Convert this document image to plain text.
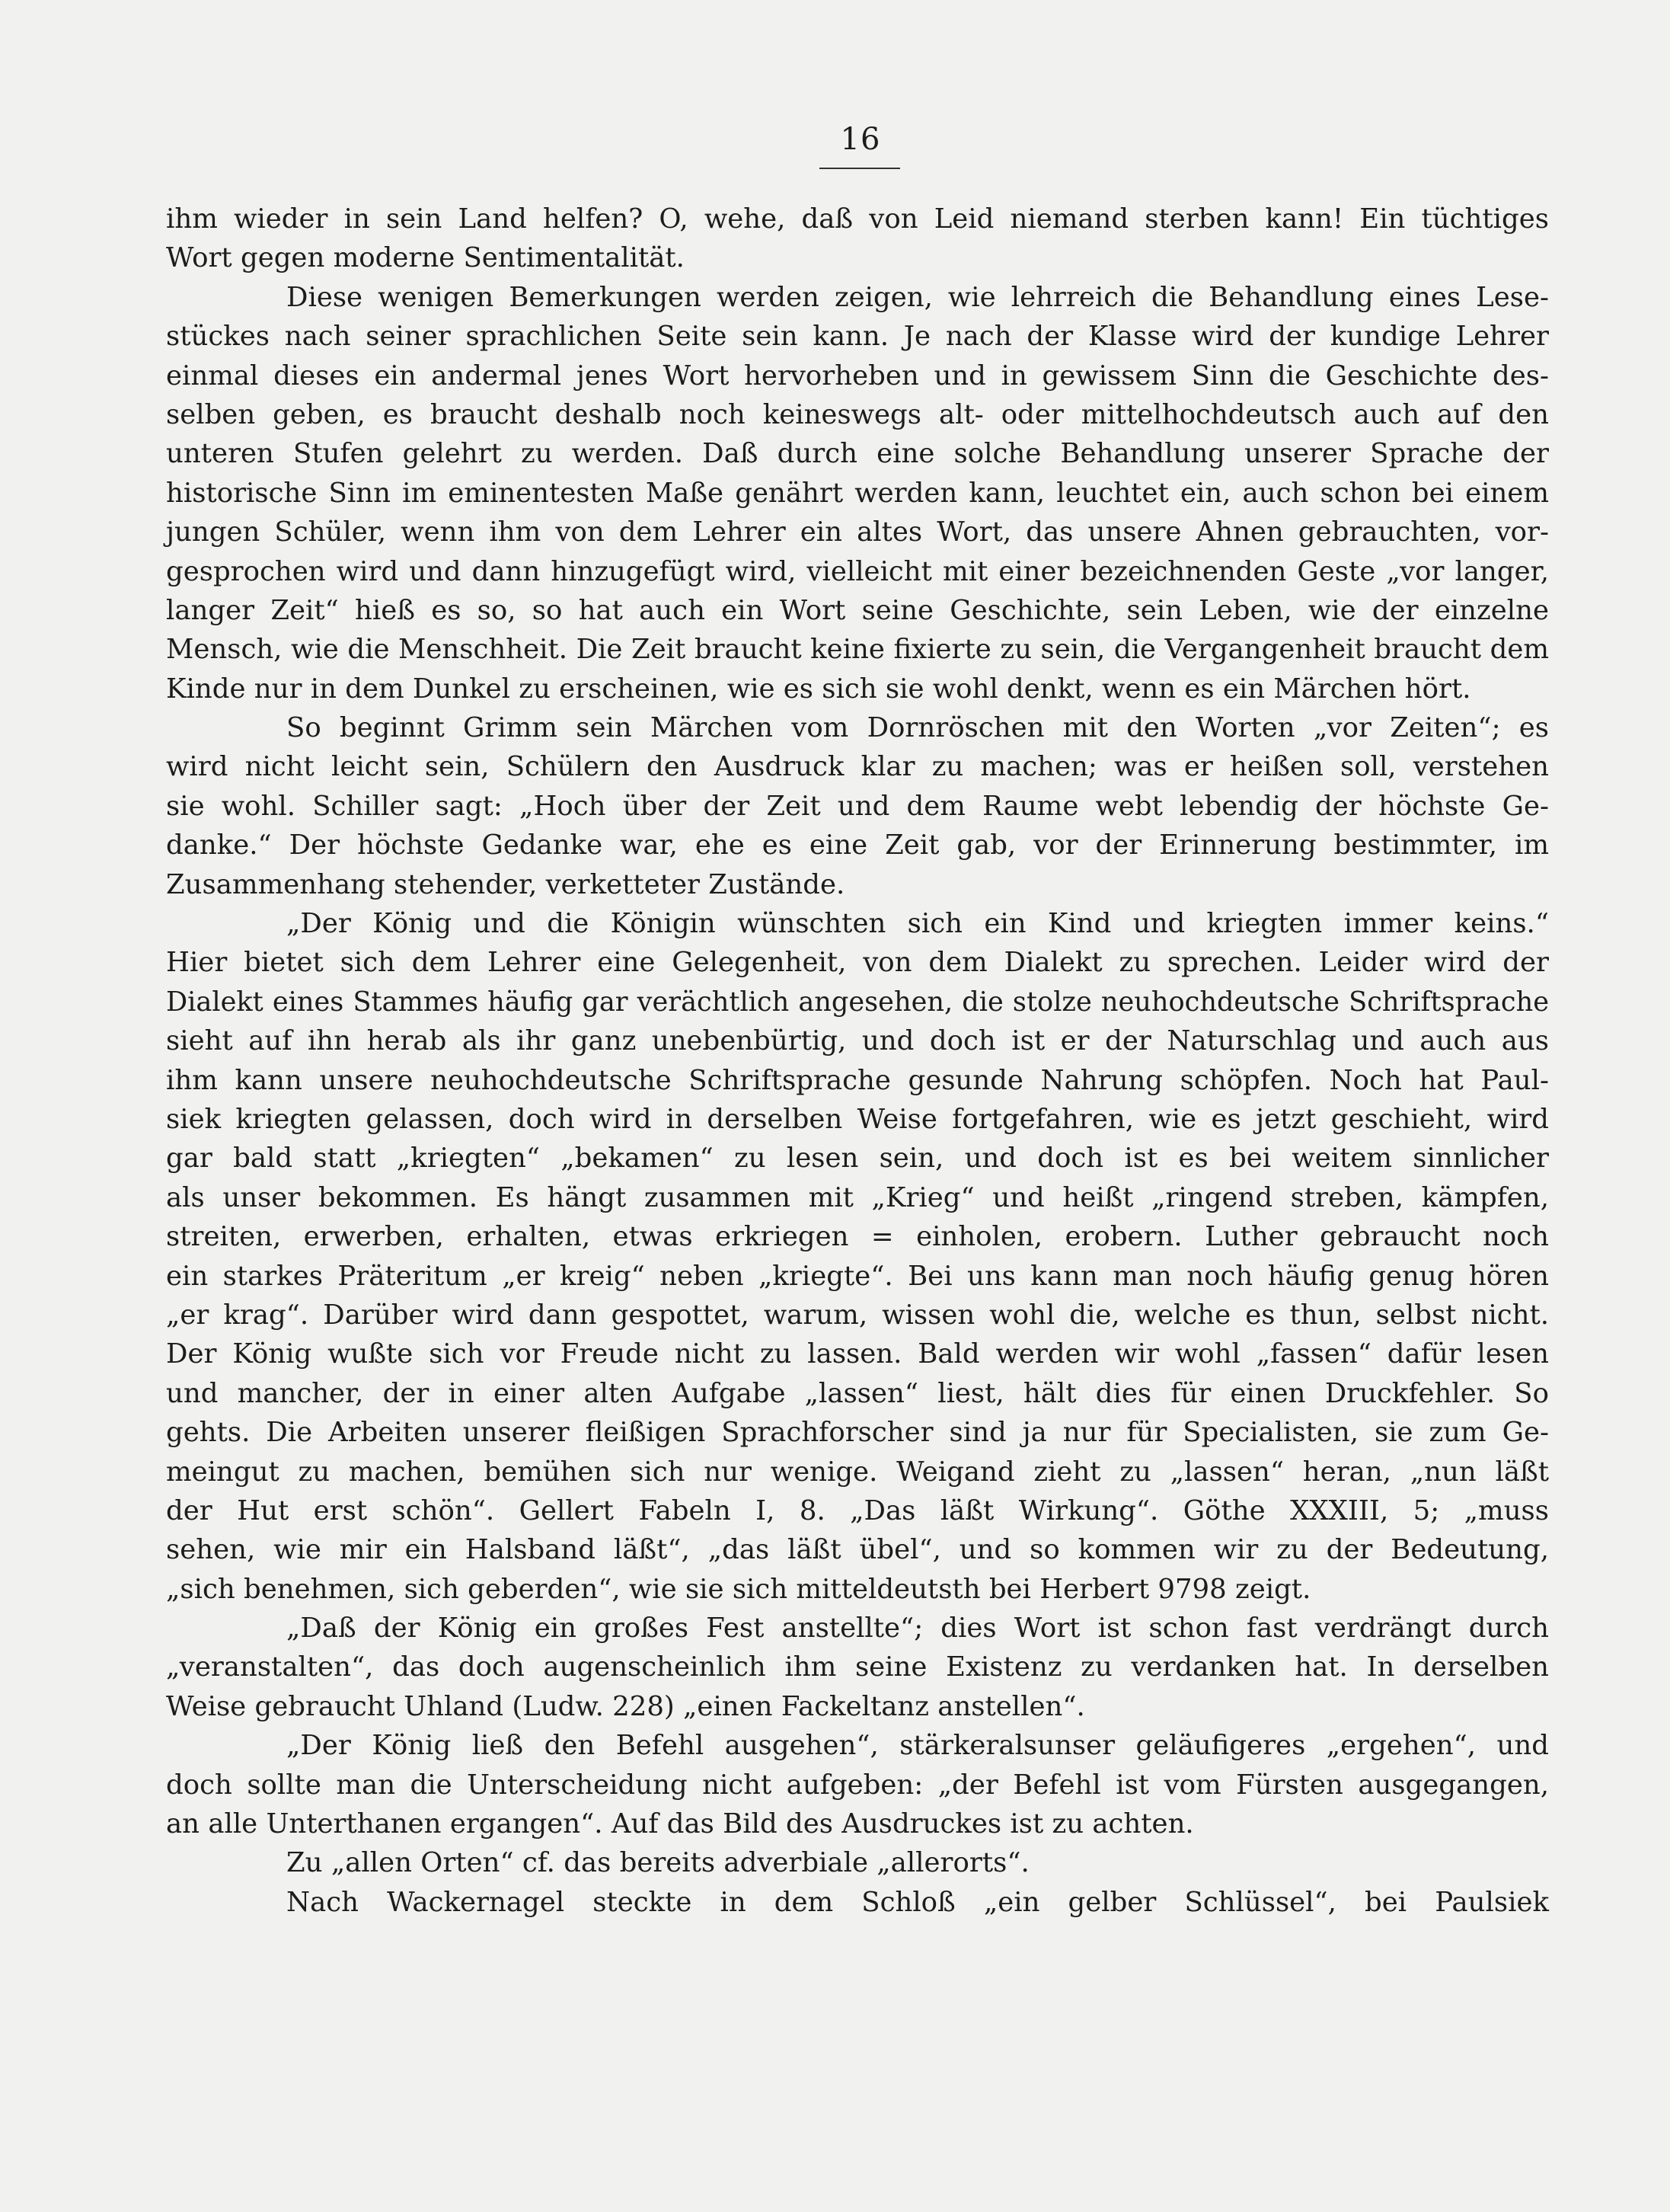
16
ihm wieder in sein Land helfen? O, wehe, daß von Leid niemand sterben kann! Ein tüchtiges
Wort gegen moderne Sentimentalität.
Diese wenigen Bemerkungen werden zeigen, wie lehrreich die Behandlung eines Lese-
stückes nach seiner sprachlichen Seite sein kann. Je nach der Klasse wird der kundige Lehrer
einmal dieses ein andermal jenes Wort hervorheben und in gewissem Sinn die Geschichte des-
selben geben, es braucht deshalb noch keineswegs alt- oder mittelhochdeutsch auch auf den
unteren Stufen gelehrt zu werden. Daß durch eine solche Behandlung unserer Sprache der
historische Sinn im eminentesten Maße genährt werden kann, leuchtet ein, auch schon bei einem
jungen Schüler, wenn ihm von dem Lehrer ein altes Wort, das unsere Ahnen gebrauchten, vor-
gesprochen wird und dann hinzugefügt wird, vielleicht mit einer bezeichnenden Geste „vor langer,
langer Zeit“ hieß es so, so hat auch ein Wort seine Geschichte, sein Leben, wie der einzelne
Mensch, wie die Menschheit. Die Zeit braucht keine fixierte zu sein, die Vergangenheit braucht dem
Kinde nur in dem Dunkel zu erscheinen, wie es sich sie wohl denkt, wenn es ein Märchen hört.
So beginnt Grimm sein Märchen vom Dornröschen mit den Worten „vor Zeiten“; es
wird nicht leicht sein, Schülern den Ausdruck klar zu machen; was er heißen soll, verstehen
sie wohl. Schiller sagt: „Hoch über der Zeit und dem Raume webt lebendig der höchste Ge-
danke.“ Der höchste Gedanke war, ehe es eine Zeit gab, vor der Erinnerung bestimmter, im
Zusammenhang stehender, verketteter Zustände.
„Der König und die Königin wünschten sich ein Kind und kriegten immer keins.“
Hier bietet sich dem Lehrer eine Gelegenheit, von dem Dialekt zu sprechen. Leider wird der
Dialekt eines Stammes häufig gar verächtlich angesehen, die stolze neuhochdeutsche Schriftsprache
sieht auf ihn herab als ihr ganz unebenbürtig, und doch ist er der Naturschlag und auch aus
ihm kann unsere neuhochdeutsche Schriftsprache gesunde Nahrung schöpfen. Noch hat Paul-
siek kriegten gelassen, doch wird in derselben Weise fortgefahren, wie es jetzt geschieht, wird
gar bald statt „kriegten“ „bekamen“ zu lesen sein, und doch ist es bei weitem sinnlicher
als unser bekommen. Es hängt zusammen mit „Krieg“ und heißt „ringend streben, kämpfen,
streiten, erwerben, erhalten, etwas erkriegen = einholen, erobern. Luther gebraucht noch
ein starkes Präteritum „er kreig“ neben „kriegte“. Bei uns kann man noch häufig genug hören
„er krag“. Darüber wird dann gespottet, warum, wissen wohl die, welche es thun, selbst nicht.
Der König wußte sich vor Freude nicht zu lassen. Bald werden wir wohl „fassen“ dafür lesen
und mancher, der in einer alten Aufgabe „lassen“ liest, hält dies für einen Druckfehler. So
gehts. Die Arbeiten unserer fleißigen Sprachforscher sind ja nur für Specialisten, sie zum Ge-
meingut zu machen, bemühen sich nur wenige. Weigand zieht zu „lassen“ heran, „nun läßt
der Hut erst schön“. Gellert Fabeln I, 8. „Das läßt Wirkung“. Göthe XXXIII, 5; „muss
sehen, wie mir ein Halsband läßt“, „das läßt übel“, und so kommen wir zu der Bedeutung,
„sich benehmen, sich geberden“, wie sie sich mitteldeutsth bei Herbert 9798 zeigt.
„Daß der König ein großes Fest anstellte“; dies Wort ist schon fast verdrängt durch
„veranstalten“, das doch augenscheinlich ihm seine Existenz zu verdanken hat. In derselben
Weise gebraucht Uhland (Ludw. 228) „einen Fackeltanz anstellen“.
„Der König ließ den Befehl ausgehen“, stärkeralsunser geläufigeres „ergehen“, und
doch sollte man die Unterscheidung nicht aufgeben: „der Befehl ist vom Fürsten ausgegangen,
an alle Unterthanen ergangen“. Auf das Bild des Ausdruckes ist zu achten.
Zu „allen Orten“ cf. das bereits adverbiale „allerorts“.
Nach Wackernagel steckte in dem Schloß „ein gelber Schlüssel“, bei Paulsiek
